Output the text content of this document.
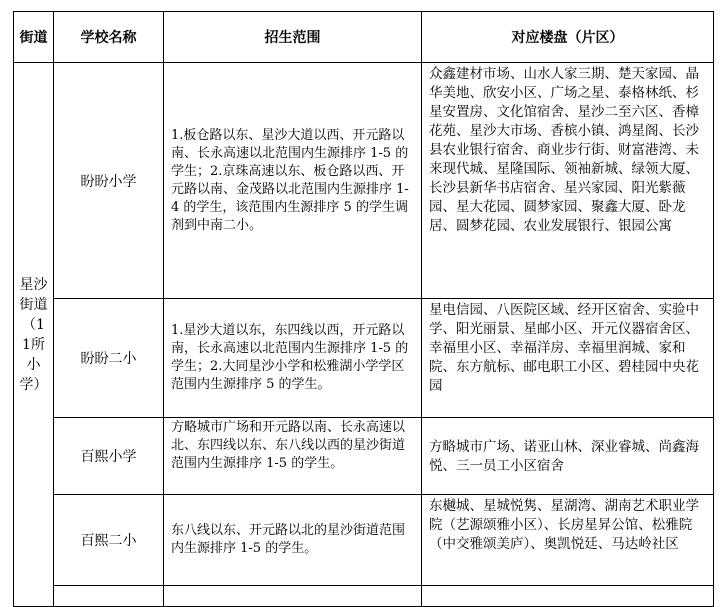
街道	学校名称	招生范围	对应楼盘（片区）
星沙街道（11所小学）	盼盼小学	1.板仓路以东、星沙大道以西、开元路以南、长永高速以北范围内生源排序 1-5 的学生；2.京珠高速以东、板仓路以西、开元路以南、金茂路以北范围内生源排序 1-4 的学生，该范围内生源排序 5 的学生调剂到中南二小。	众鑫建材市场、山水人家三期、楚天家园、晶华美地、欣安小区、广场之星、泰格林纸、杉星安置房、文化馆宿舍、星沙二至六区、香樟花苑、星沙大市场、香槟小镇、鸿星阁、长沙县农业银行宿舍、商业步行街、财富港湾、未来现代城、星隆国际、领袖新城、绿领大厦、长沙县新华书店宿舍、星兴家园、阳光紫薇园、星大花园、圆梦家园、聚鑫大厦、卧龙居、圆梦花园、农业发展银行、银园公寓

	盼盼二小	1.星沙大道以东，东四线以西，开元路以南，长永高速以北范围内生源排序 1-5 的学生；2.大同星沙小学和松雅湖小学学区范围内生源排序 5 的学生。	星电信园、八医院区域、经开区宿舍、实验中学、阳光丽景、星邮小区、开元仪器宿舍区、幸福里小区、幸福洋房、幸福里润城、家和院、东方航标、邮电职工小区、碧桂园中央花园

	百熙小学	方略城市广场和开元路以南、长永高速以北、东四线以东、东八线以西的星沙街道范围内生源排序 1-5 的学生。	方略城市广场、诺亚山林、深业睿城、尚鑫海悦、三一员工小区宿舍

	百熙二小	东八线以东、开元路以北的星沙街道范围内生源排序 1-5 的学生。	东樾城、星城悦隽、星湖湾、湖南艺术职业学院（艺源颂雅小区）、长房星昇公馆、松雅院（中交雅颂美庐）、奥凯悦廷、马达岭社区
